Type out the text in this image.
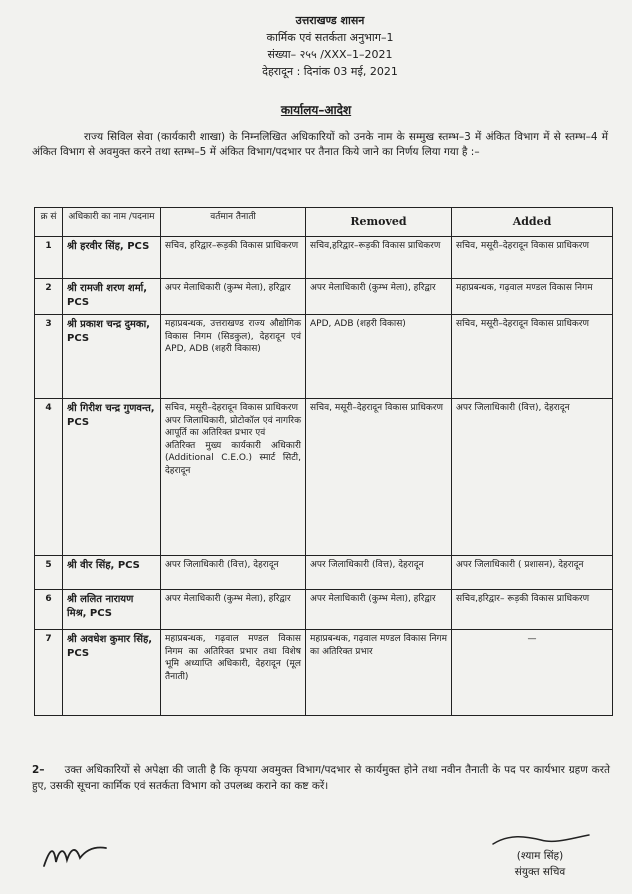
उत्तराखण्ड शासन
कार्मिक एवं सतर्कता अनुभाग–1
संख्या– २५५ /XXX–1–2021
देहरादून : दिनांक 03 मई, 2021
कार्यालय–आदेश
राज्य सिविल सेवा (कार्यकारी शाखा) के निम्नलिखित अधिकारियों को उनके नाम के सम्मुख स्तम्भ–3 में अंकित विभाग में से स्तम्भ–4 में अंकित विभाग से अवमुक्त करने तथा स्तम्भ–5 में अंकित विभाग/पदभार पर तैनात किये जाने का निर्णय लिया गया है :–
क्र सं	अधिकारी का नाम /पदनाम	वर्तमान तैनाती	Removed	Added
1	श्री हरवीर सिंह, PCS	सचिव, हरिद्वार–रूड़की विकास प्राधिकरण	सचिव,हरिद्वार–रूड़की विकास प्राधिकरण	सचिव, मसूरी–देहरादून विकास प्राधिकरण
2	श्री रामजी शरण शर्मा, PCS	अपर मेलाधिकारी (कुम्भ मेला), हरिद्वार	अपर मेलाधिकारी (कुम्भ मेला), हरिद्वार	महाप्रबन्धक, गढ़वाल मण्डल विकास निगम
3	श्री प्रकाश चन्द्र दुमका, PCS	महाप्रबन्धक, उत्तराखण्ड राज्य औद्योगिक विकास निगम (सिडकुल), देहरादून एवं APD, ADB (शहरी विकास)	APD, ADB (शहरी विकास)	सचिव, मसूरी–देहरादून विकास प्राधिकरण
4	श्री गिरीश चन्द्र गुणवन्त, PCS	सचिव, मसूरी–देहरादून विकास प्राधिकरण
अपर जिलाधिकारी, प्रोटोकॉल एवं नागरिक आपूर्ति का अतिरिक्त प्रभार एवं
अतिरिक्त मुख्य कार्यकारी अधिकारी (Additional C.E.O.) स्मार्ट सिटी, देहरादून	सचिव, मसूरी–देहरादून विकास प्राधिकरण	अपर जिलाधिकारी (वित्त), देहरादून
5	श्री वीर सिंह, PCS	अपर जिलाधिकारी (वित्त), देहरादून	अपर जिलाधिकारी (वित्त), देहरादून	अपर जिलाधिकारी ( प्रशासन), देहरादून
6	श्री ललित नारायण मिश्र, PCS	अपर मेलाधिकारी (कुम्भ मेला), हरिद्वार	अपर मेलाधिकारी (कुम्भ मेला), हरिद्वार	सचिव,हरिद्वार– रूड़की विकास प्राधिकरण
7	श्री अवधेश कुमार सिंह, PCS	महाप्रबन्धक, गढ़वाल मण्डल विकास निगम का अतिरिक्त प्रभार तथा विशेष भूमि अध्याप्ति अधिकारी, देहरादून (मूल तैनाती)	महाप्रबन्धक, गढ़वाल मण्डल विकास निगम का अतिरिक्त प्रभार	—
2– उक्त अधिकारियों से अपेक्षा की जाती है कि कृपया अवमुक्त विभाग/पदभार से कार्यमुक्त होने तथा नवीन तैनाती के पद पर कार्यभार ग्रहण करते हुए, उसकी सूचना कार्मिक एवं सतर्कता विभाग को उपलब्ध कराने का कष्ट करें।
(श्याम सिंह)
संयुक्त सचिव
